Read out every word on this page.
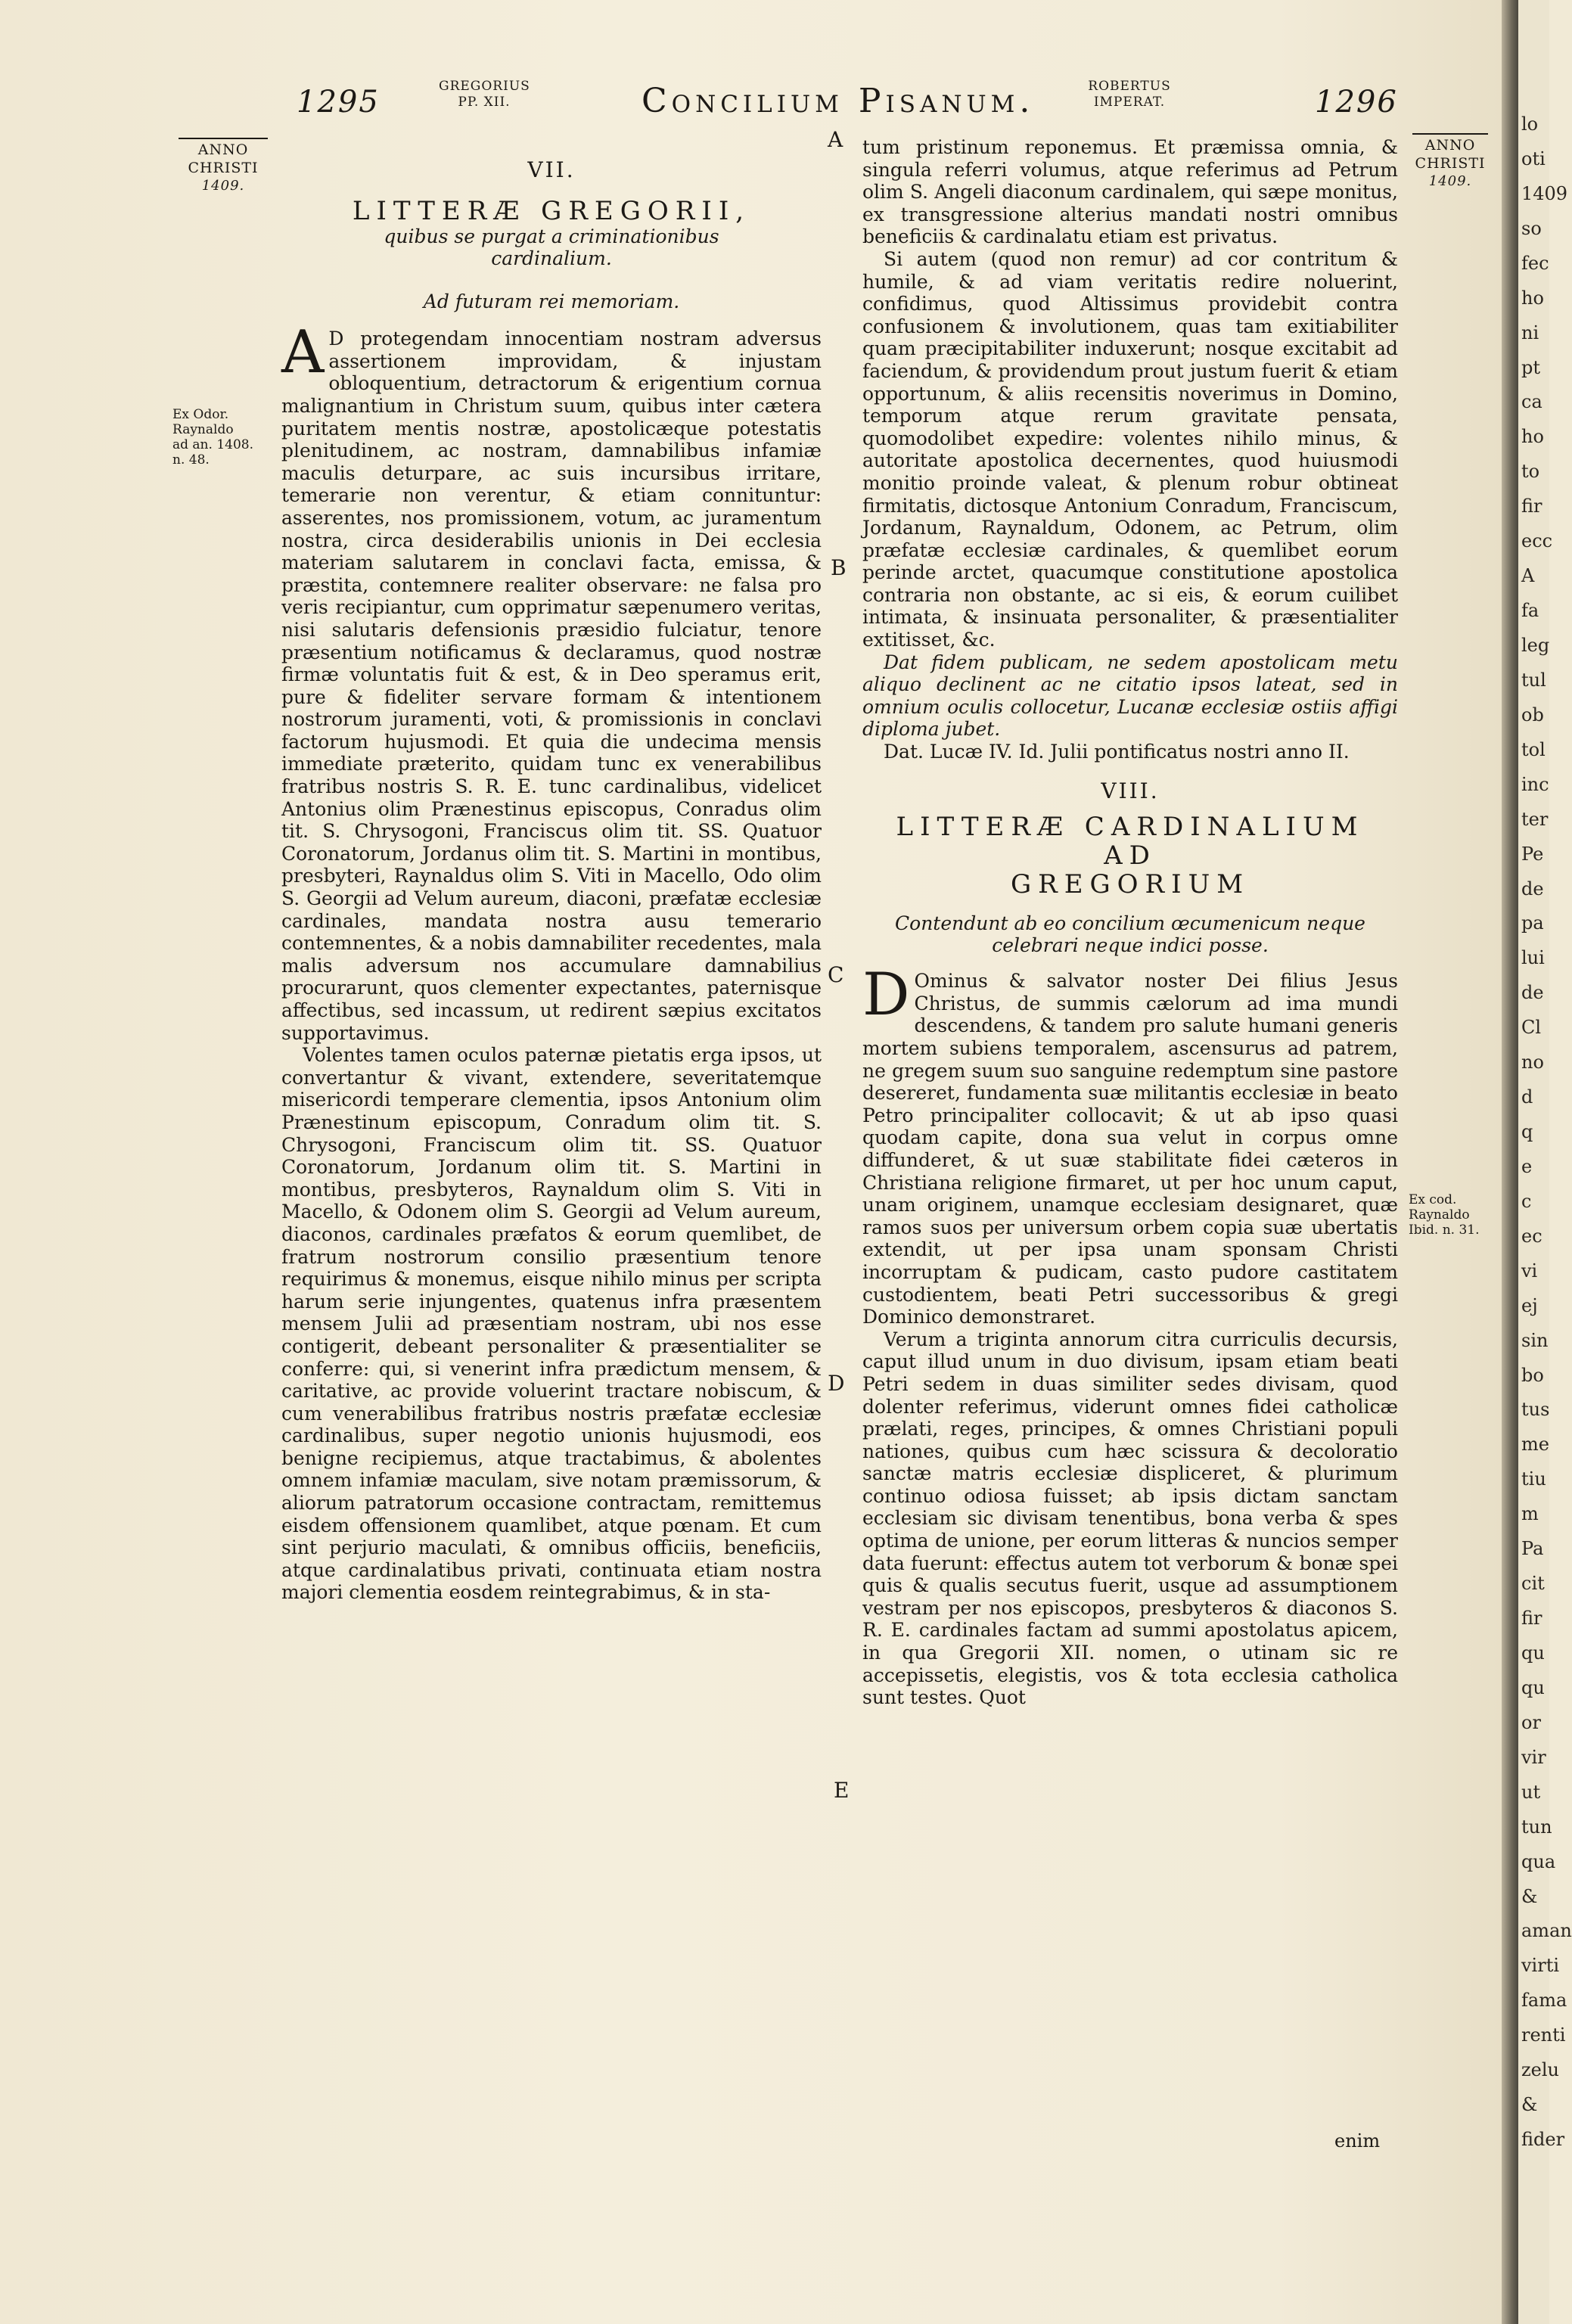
1295	GREGORIUS
PP. XII.	Concilium Pisanum.	ROBERTUS
IMPERAT.	1296
ANNO
CHRISTI
1409.
ANNO
CHRISTI
1409.
Ex Odor.
Raynaldo
ad an. 1408.
n. 48.
Ex cod.
Raynaldo
Ibid. n. 31.
A
B
C
D
E
VII.
LITTERÆ GREGORII,
quibus se purgat a criminationibus
cardinalium.
Ad futuram rei memoriam.

A D protegendam innocentiam nostram adversus assertionem improvidam, & injustam obloquentium, detractorum & erigentium cornua malignantium in Christum suum, quibus inter cætera puritatem mentis nostræ, apostolicæque potestatis plenitudinem, ac nostram, damnabilibus infamiæ maculis deturpare, ac suis incursibus irritare, temerarie non verentur, & etiam connituntur: asserentes, nos promissionem, votum, ac juramentum nostra, circa desiderabilis unionis in Dei ecclesia materiam salutarem in conclavi facta, emissa, & præstita, contemnere realiter observare: ne falsa pro veris recipiantur, cum opprimatur sæpenumero veritas, nisi salutaris defensionis præsidio fulciatur, tenore præsentium notificamus & declaramus, quod nostræ firmæ voluntatis fuit & est, & in Deo speramus erit, pure & fideliter servare formam & intentionem nostrorum juramenti, voti, & promissionis in conclavi factorum hujusmodi. Et quia die undecima mensis immediate præterito, quidam tunc ex venerabilibus fratribus nostris S. R. E. tunc cardinalibus, videlicet Antonius olim Prænestinus episcopus, Conradus olim tit. S. Chrysogoni, Franciscus olim tit. SS. Quatuor Coronatorum, Jordanus olim tit. S. Martini in montibus, presbyteri, Raynaldus olim S. Viti in Macello, Odo olim S. Georgii ad Velum aureum, diaconi, præfatæ ecclesiæ cardinales, mandata nostra ausu temerario contemnentes, & a nobis damnabiliter recedentes, mala malis adversum nos accumulare damnabilius procurarunt, quos clementer expectantes, paternisque affectibus, sed incassum, ut redirent sæpius excitatos supportavimus.

Volentes tamen oculos paternæ pietatis erga ipsos, ut convertantur & vivant, extendere, severitatemque misericordi temperare clementia, ipsos Antonium olim Prænestinum episcopum, Conradum olim tit. S. Chrysogoni, Franciscum olim tit. SS. Quatuor Coronatorum, Jordanum olim tit. S. Martini in montibus, presbyteros, Raynaldum olim S. Viti in Macello, & Odonem olim S. Georgii ad Velum aureum, diaconos, cardinales præfatos & eorum quemlibet, de fratrum nostrorum consilio præsentium tenore requirimus & monemus, eisque nihilo minus per scripta harum serie injungentes, quatenus infra præsentem mensem Julii ad præsentiam nostram, ubi nos esse contigerit, debeant personaliter & præsentialiter se conferre: qui, si venerint infra prædictum mensem, & caritative, ac provide voluerint tractare nobiscum, & cum venerabilibus fratribus nostris præfatæ ecclesiæ cardinalibus, super negotio unionis hujusmodi, eos benigne recipiemus, atque tractabimus, & abolentes omnem infamiæ maculam, sive notam præmissorum, & aliorum patratorum occasione contractam, remittemus eisdem offensionem quamlibet, atque pœnam. Et cum sint perjurio maculati, & omnibus officiis, beneficiis, atque cardinalatibus privati, continuata etiam nostra majori clementia eosdem reintegrabimus, & in sta-

tum pristinum reponemus. Et præmissa omnia, & singula referri volumus, atque referimus ad Petrum olim S. Angeli diaconum cardinalem, qui sæpe monitus, ex transgressione alterius mandati nostri omnibus beneficiis & cardinalatu etiam est privatus.

Si autem (quod non remur) ad cor contritum & humile, & ad viam veritatis redire noluerint, confidimus, quod Altissimus providebit contra confusionem & involutionem, quas tam exitiabiliter quam præcipitabiliter induxerunt; nosque excitabit ad faciendum, & providendum prout justum fuerit & etiam opportunum, & aliis recensitis noverimus in Domino, temporum atque rerum gravitate pensata, quomodolibet expedire: volentes nihilo minus, & autoritate apostolica decernentes, quod huiusmodi monitio proinde valeat, & plenum robur obtineat firmitatis, dictosque Antonium Conradum, Franciscum, Jordanum, Raynaldum, Odonem, ac Petrum, olim præfatæ ecclesiæ cardinales, & quemlibet eorum perinde arctet, quacumque constitutione apostolica contraria non obstante, ac si eis, & eorum cuilibet intimata, & insinuata personaliter, & præsentialiter extitisset, &c.

Dat fidem publicam, ne sedem apostolicam metu aliquo declinent ac ne citatio ipsos lateat, sed in omnium oculis collocetur, Lucanæ ecclesiæ ostiis affigi diploma jubet.

Dat. Lucæ IV. Id. Julii pontificatus nostri anno II.

VIII.
LITTERÆ CARDINALIUM AD
GREGORIUM
Contendunt ab eo concilium œcumenicum neque
celebrari neque indici posse.

D Ominus & salvator noster Dei filius Jesus Christus, de summis cælorum ad ima mundi descendens, & tandem pro salute humani generis mortem subiens temporalem, ascensurus ad patrem, ne gregem suum suo sanguine redemptum sine pastore desereret, fundamenta suæ militantis ecclesiæ in beato Petro principaliter collocavit; & ut ab ipso quasi quodam capite, dona sua velut in corpus omne diffunderet, & ut suæ stabilitate fidei cæteros in Christiana religione firmaret, ut per hoc unum caput, unam originem, unamque ecclesiam designaret, quæ ramos suos per universum orbem copia suæ ubertatis extendit, ut per ipsa unam sponsam Christi incorruptam & pudicam, casto pudore castitatem custodientem, beati Petri successoribus & gregi Dominico demonstraret.

Verum a triginta annorum citra curriculis decursis, caput illud unum in duo divisum, ipsam etiam beati Petri sedem in duas similiter sedes divisam, quod dolenter referimus, viderunt omnes fidei catholicæ prælati, reges, principes, & omnes Christiani populi nationes, quibus cum hæc scissura & decoloratio sanctæ matris ecclesiæ displiceret, & plurimum continuo odiosa fuisset; ab ipsis dictam sanctam ecclesiam sic divisam tenentibus, bona verba & spes optima de unione, per eorum litteras & nuncios semper data fuerunt: effectus autem tot verborum & bonæ spei quis & qualis secutus fuerit, usque ad assumptionem vestram per nos episcopos, presbyteros & diaconos S. R. E. cardinales factam ad summi apostolatus apicem, in qua Gregorii XII. nomen, o utinam sic re accepissetis, elegistis, vos & tota ecclesia catholica sunt testes. Quot

enim
lo
oti
1409
so
fec
ho
ni
pt
ca
ho
to
fir
ecc
A
fa
leg
tul
ob
tol
inc
ter
Pe
de
pa
lui
de
Cl
no
d
q
e
c
ec
vi
ej
sin
bo
tus
me
tiu
m
Pa
cit
fir
qu
qu
or
vir
ut
tun
qua
&
aman
virti
fama
renti
zelu
&
fider
